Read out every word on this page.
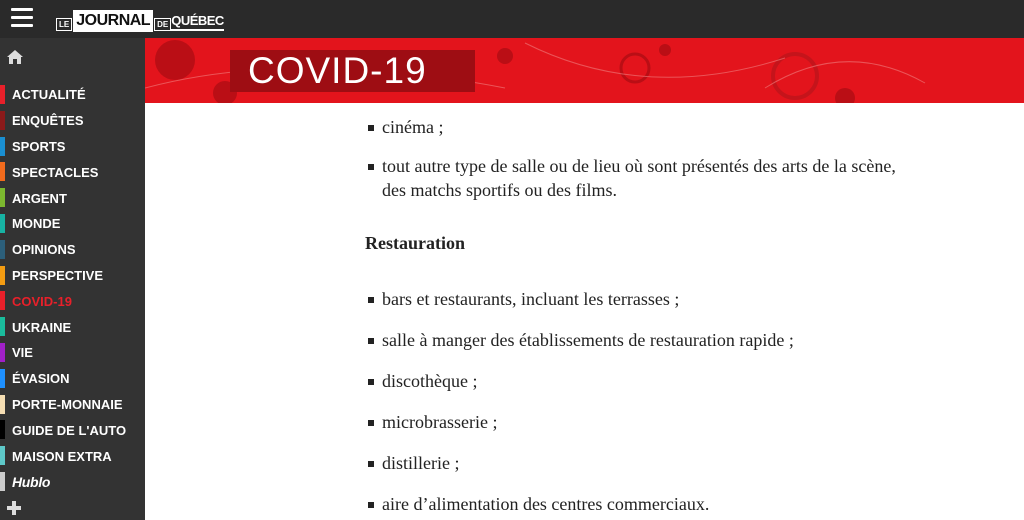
LE JOURNAL DE QUÉBEC
ACTUALITÉ
ENQUÊTES
SPORTS
SPECTACLES
ARGENT
MONDE
OPINIONS
PERSPECTIVE
COVID-19
UKRAINE
VIE
ÉVASION
PORTE-MONNAIE
GUIDE DE L'AUTO
MAISON EXTRA
Hublo
COVID-19
cinéma ;
tout autre type de salle ou de lieu où sont présentés des arts de la scène,
des matchs sportifs ou des films.
Restauration
bars et restaurants, incluant les terrasses ;
salle à manger des établissements de restauration rapide ;
discothèque ;
microbrasserie ;
distillerie ;
aire d’alimentation des centres commerciaux.
